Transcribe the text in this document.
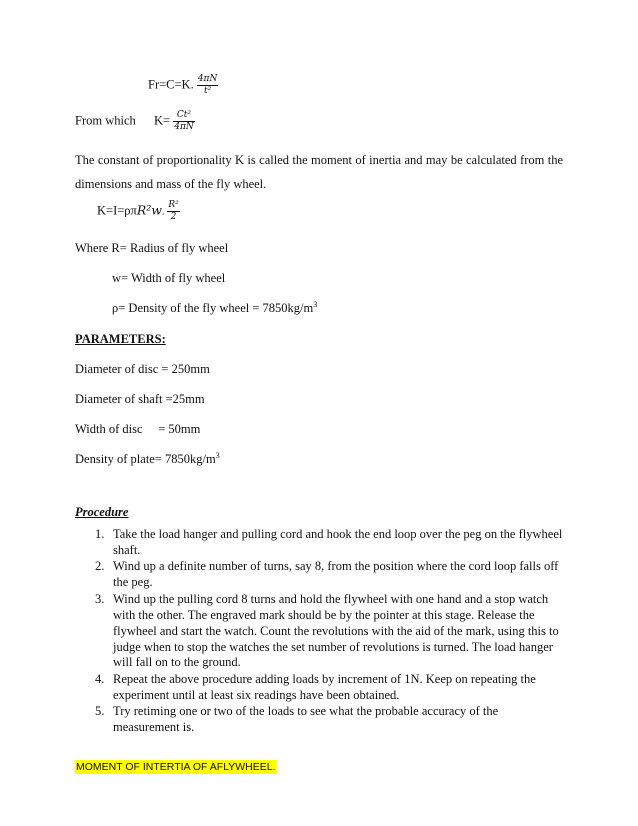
Fr=C=K. $\frac{4\pi N}{\text{t²}}$
From which $K= \frac{\text{Ct²}}{4\pi N}$
The constant of proportionality K is called the moment of inertia and may be calculated from the dimensions and mass of the fly wheel.
K=I=ρπR²w. $\frac{\text{R²}}{2}$
Where R= Radius of fly wheel
w= Width of fly wheel
ρ= Density of the fly wheel = $7850kg/m^3$
PARAMETERS:
Diameter of disc = 250mm
Diameter of shaft =25mm
Width of disc     = 50mm
Density of plate= $7850kg/m^3$
Procedure
1. Take the load hanger and pulling cord and hook the end loop over the peg on the flywheel shaft.
2. Wind up a definite number of turns, say 8, from the position where the cord loop falls off the peg.
3. Wind up the pulling cord 8 turns and hold the flywheel with one hand and a stop watch with the other. The engraved mark should be by the pointer at this stage. Release the flywheel and start the watch. Count the revolutions with the aid of the mark, using this to judge when to stop the watches the set number of revolutions is turned. The load hanger will fall on to the ground.
4. Repeat the above procedure adding loads by increment of 1N. Keep on repeating the experiment until at least six readings have been obtained.
5. Try retiming one or two of the loads to see what the probable accuracy of the measurement is.
MOMENT OF INTERTIA OF AFLYWHEEL.
